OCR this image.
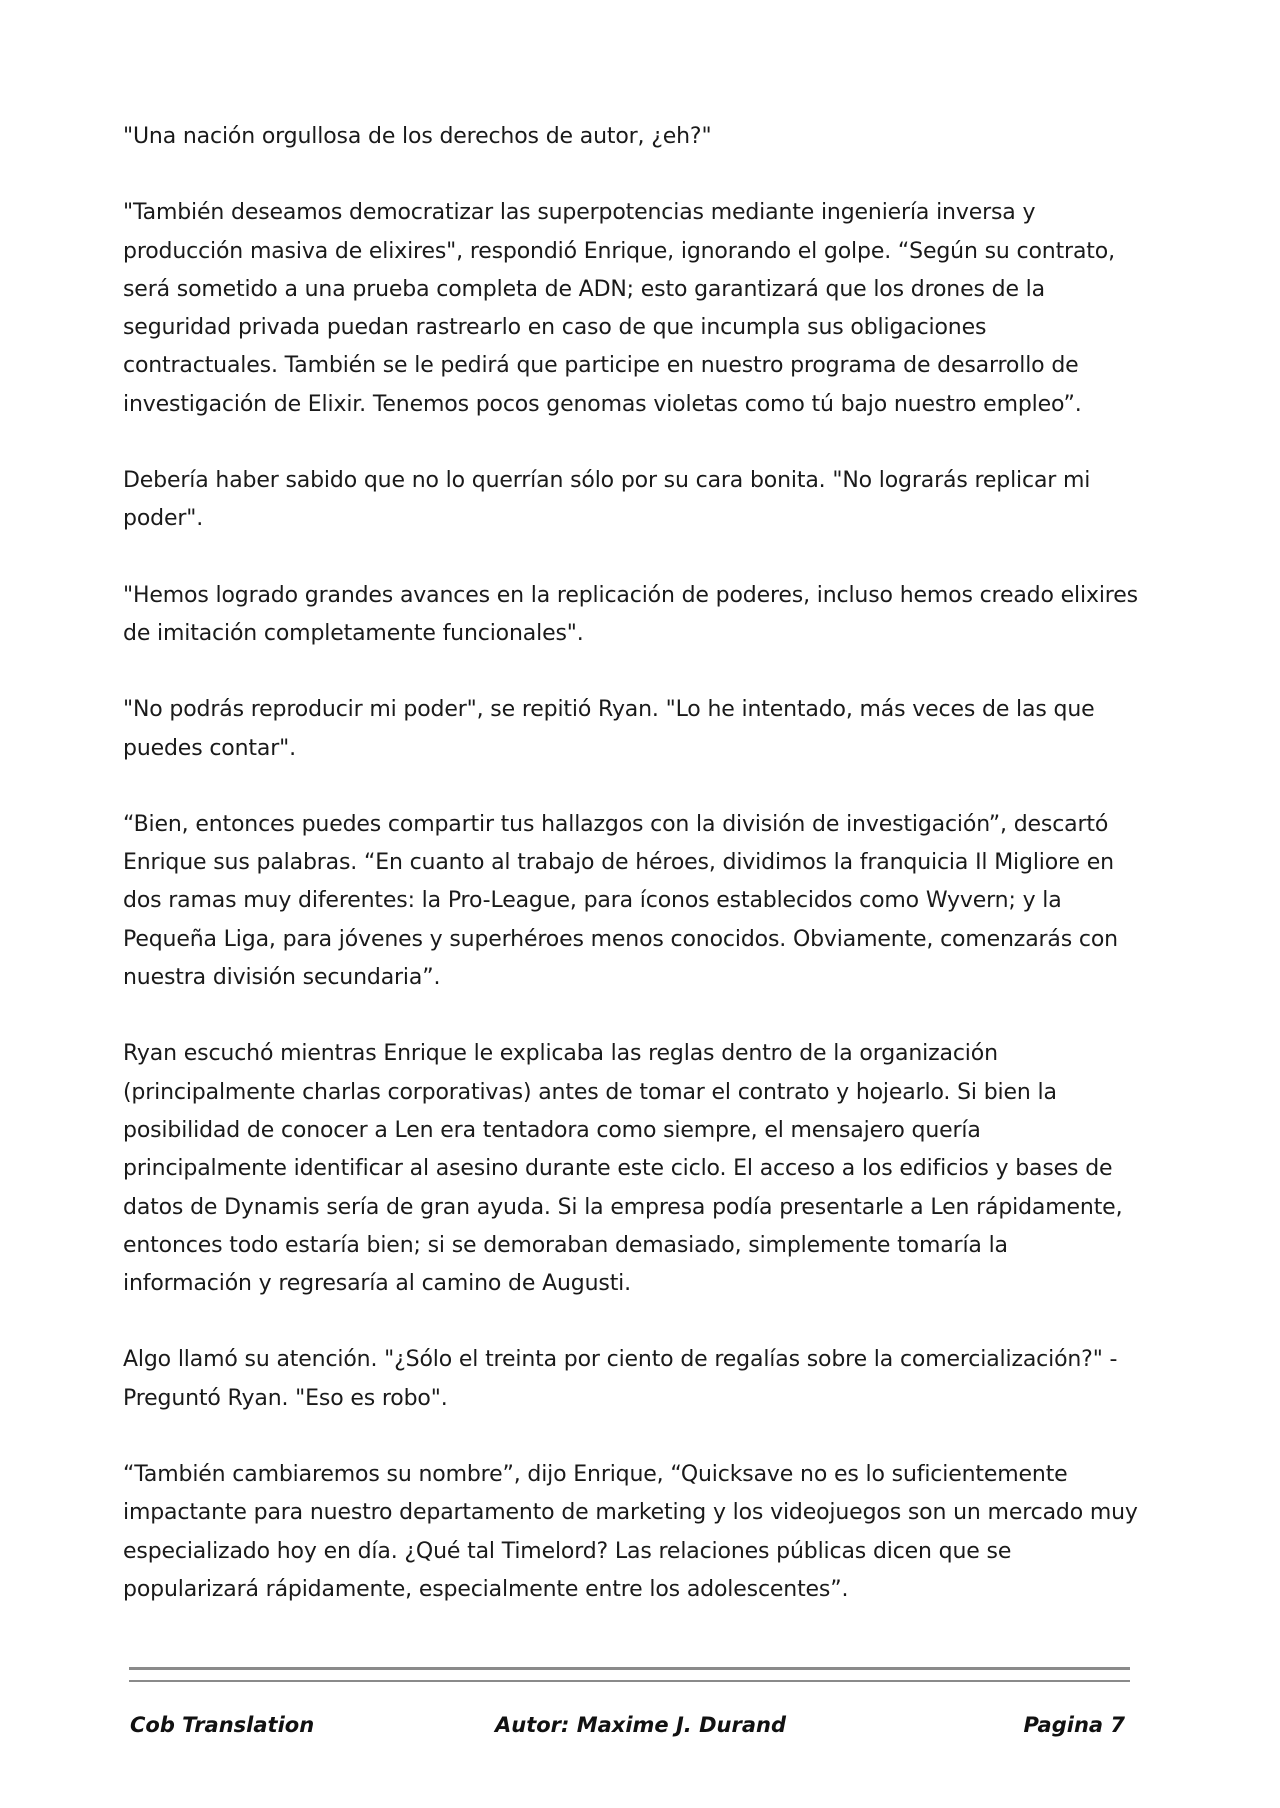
"Una nación orgullosa de los derechos de autor, ¿eh?"

"También deseamos democratizar las superpotencias mediante ingeniería inversa y producción masiva de elixires", respondió Enrique, ignorando el golpe. “Según su contrato, será sometido a una prueba completa de ADN; esto garantizará que los drones de la seguridad privada puedan rastrearlo en caso de que incumpla sus obligaciones contractuales. También se le pedirá que participe en nuestro programa de desarrollo de investigación de Elixir. Tenemos pocos genomas violetas como tú bajo nuestro empleo”.

Debería haber sabido que no lo querrían sólo por su cara bonita. "No lograrás replicar mi poder".

"Hemos logrado grandes avances en la replicación de poderes, incluso hemos creado elixires de imitación completamente funcionales".

"No podrás reproducir mi poder", se repitió Ryan. "Lo he intentado, más veces de las que puedes contar".

“Bien, entonces puedes compartir tus hallazgos con la división de investigación”, descartó Enrique sus palabras. “En cuanto al trabajo de héroes, dividimos la franquicia Il Migliore en dos ramas muy diferentes: la Pro-League, para íconos establecidos como Wyvern; y la Pequeña Liga, para jóvenes y superhéroes menos conocidos. Obviamente, comenzarás con nuestra división secundaria”.

Ryan escuchó mientras Enrique le explicaba las reglas dentro de la organización (principalmente charlas corporativas) antes de tomar el contrato y hojearlo. Si bien la posibilidad de conocer a Len era tentadora como siempre, el mensajero quería principalmente identificar al asesino durante este ciclo. El acceso a los edificios y bases de datos de Dynamis sería de gran ayuda. Si la empresa podía presentarle a Len rápidamente, entonces todo estaría bien; si se demoraban demasiado, simplemente tomaría la información y regresaría al camino de Augusti.

Algo llamó su atención. "¿Sólo el treinta por ciento de regalías sobre la comercialización?" -Preguntó Ryan. "Eso es robo".

“También cambiaremos su nombre”, dijo Enrique, “Quicksave no es lo suficientemente impactante para nuestro departamento de marketing y los videojuegos son un mercado muy especializado hoy en día. ¿Qué tal Timelord? Las relaciones públicas dicen que se popularizará rápidamente, especialmente entre los adolescentes”.

Cob Translation	Autor: Maxime J. Durand	Pagina 7
